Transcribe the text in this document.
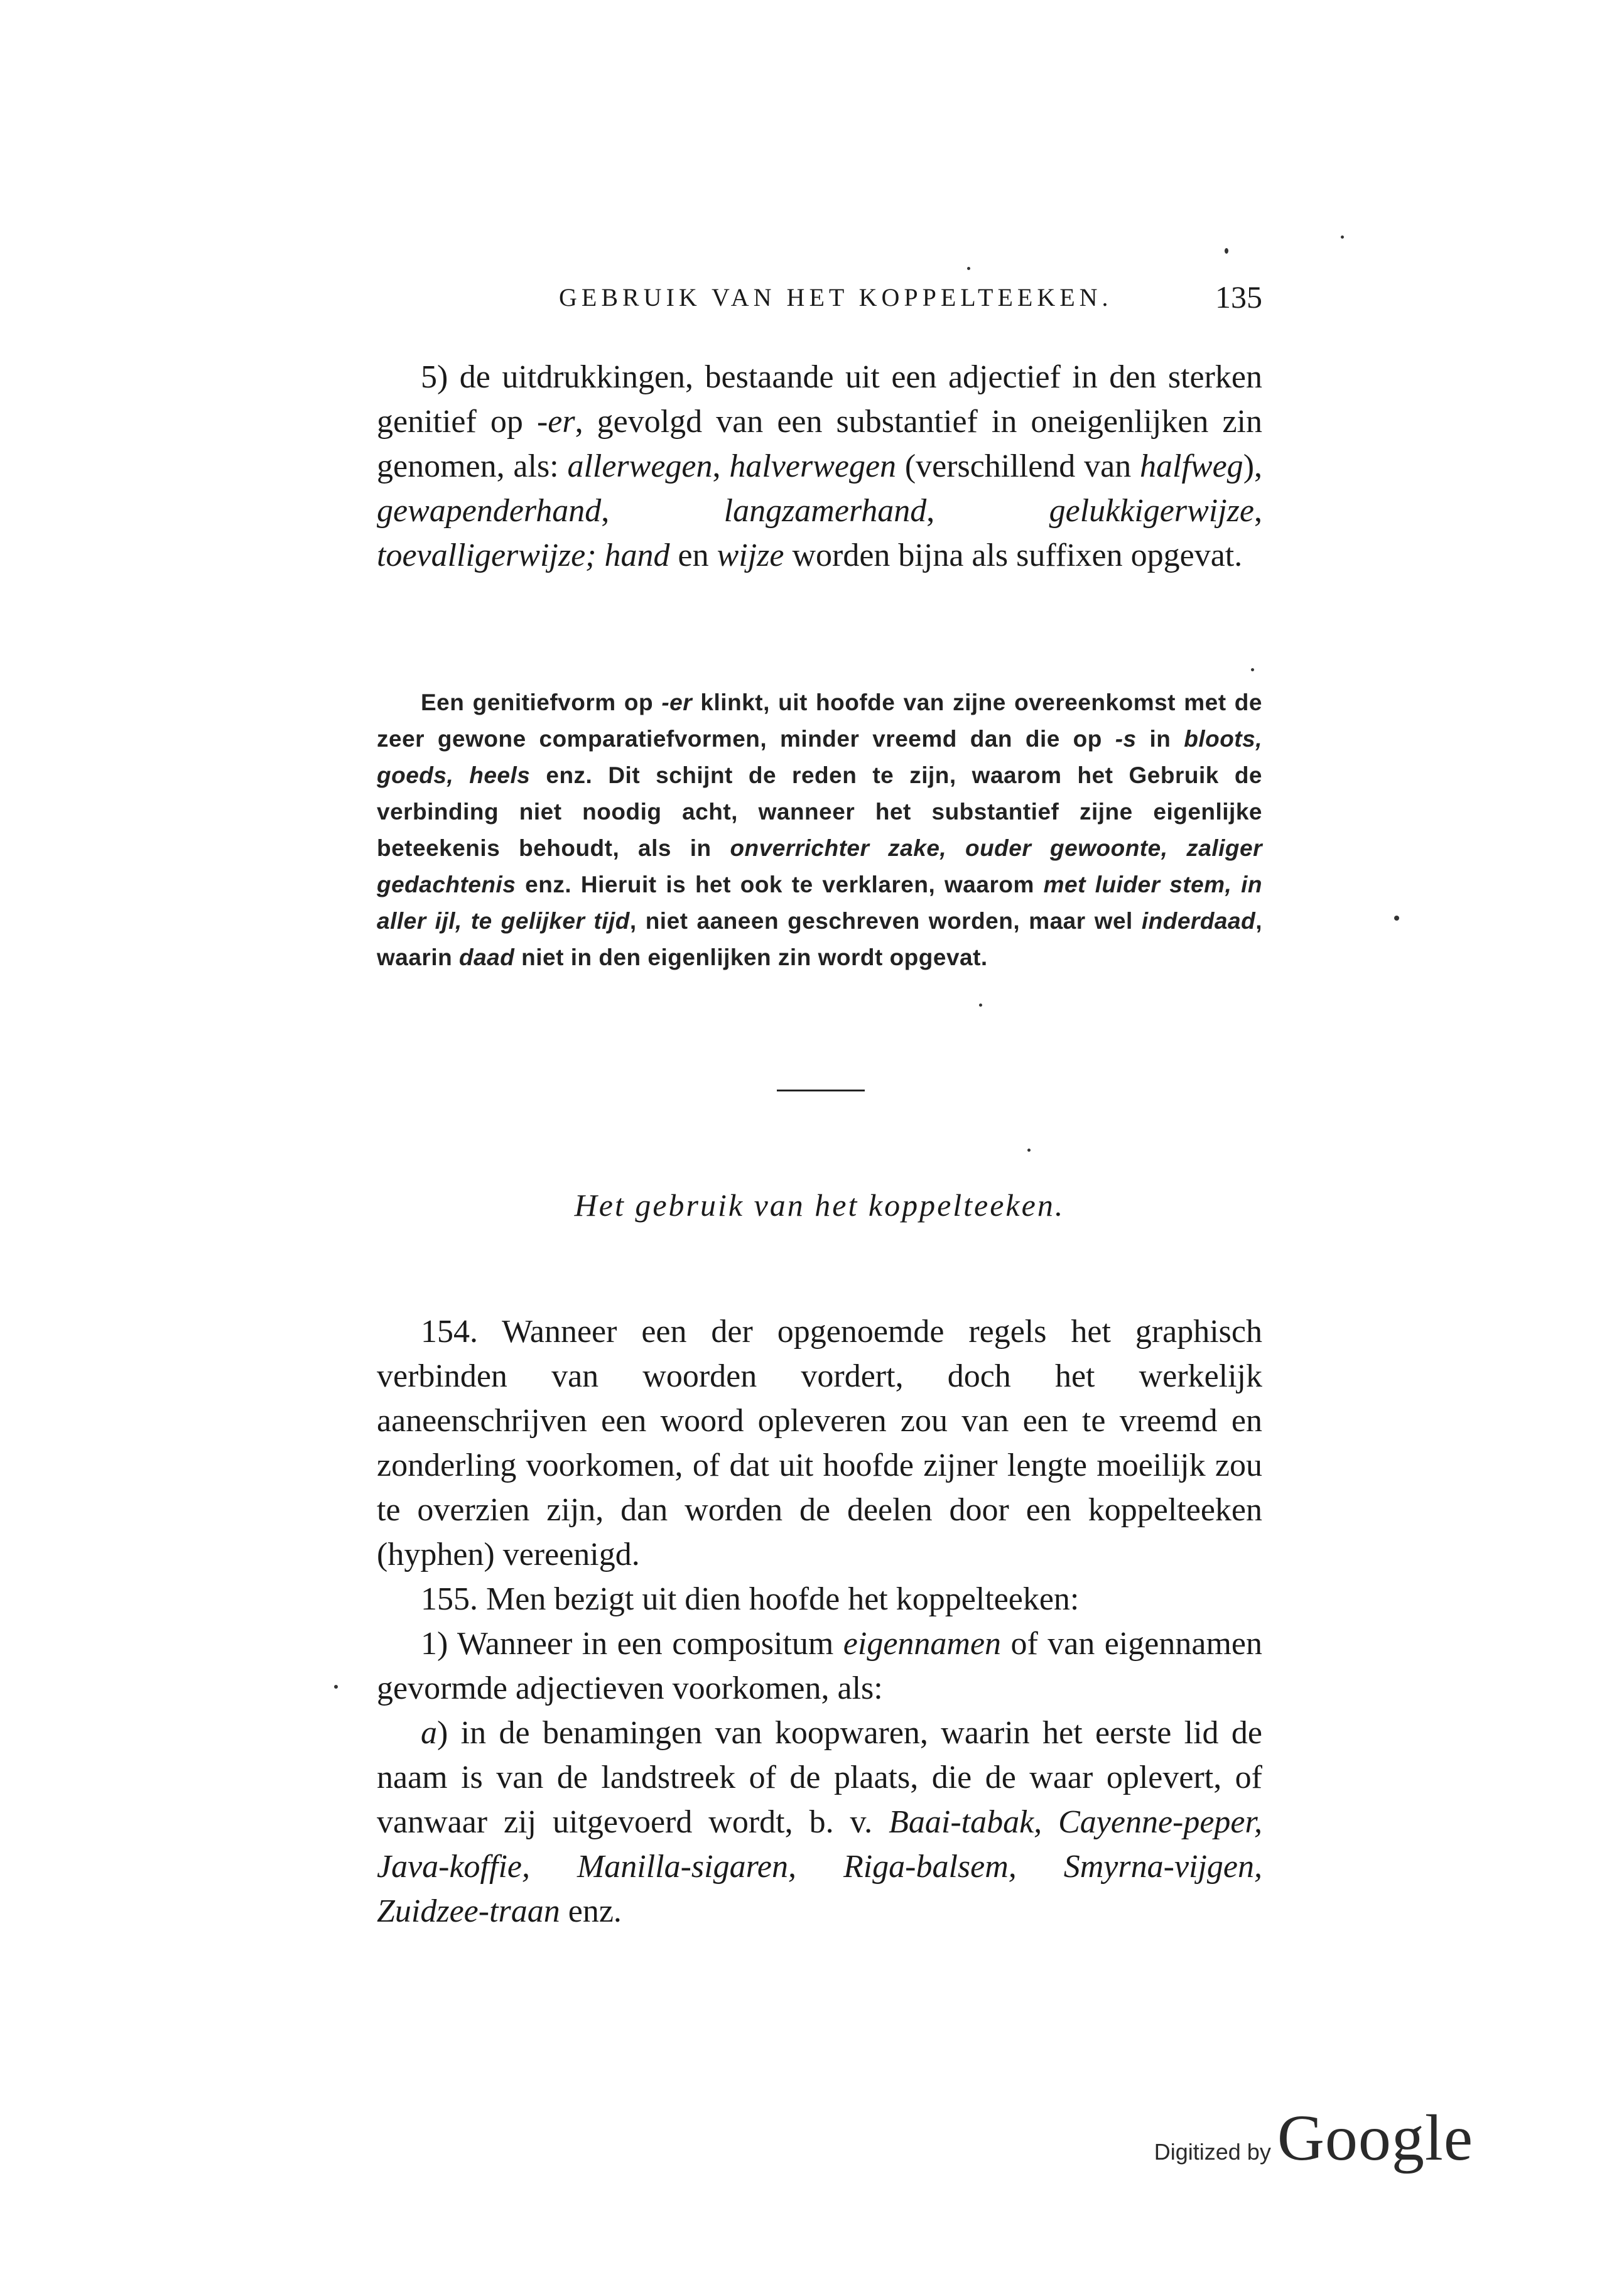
GEBRUIK VAN HET KOPPELTEEKEN.	135

5) de uitdrukkingen, bestaande uit een adjectief in den sterken genitief op -er, gevolgd van een substantief in oneigenlijken zin genomen, als: allerwegen, halverwegen (verschillend van halfweg), gewapenderhand, langzamerhand, gelukkigerwijze, toevalligerwijze; hand en wijze worden bijna als suffixen opgevat.

Een genitiefvorm op -er klinkt, uit hoofde van zijne overeenkomst met de zeer gewone comparatiefvormen, minder vreemd dan die op -s in bloots, goeds, heels enz. Dit schijnt de reden te zijn, waarom het Gebruik de verbinding niet noodig acht, wanneer het substantief zijne eigenlijke beteekenis behoudt, als in onverrichter zake, ouder gewoonte, zaliger gedachtenis enz. Hieruit is het ook te verklaren, waarom met luider stem, in aller ijl, te gelijker tijd, niet aaneen geschreven worden, maar wel inderdaad, waarin daad niet in den eigenlijken zin wordt opgevat.

Het gebruik van het koppelteeken.

154. Wanneer een der opgenoemde regels het graphisch verbinden van woorden vordert, doch het werkelijk aaneenschrijven een woord opleveren zou van een te vreemd en zonderling voorkomen, of dat uit hoofde zijner lengte moeilijk zou te overzien zijn, dan worden de deelen door een koppelteeken (hyphen) vereenigd.

155. Men bezigt uit dien hoofde het koppelteeken:

1) Wanneer in een compositum eigennamen of van eigennamen gevormde adjectieven voorkomen, als:

a) in de benamingen van koopwaren, waarin het eerste lid de naam is van de landstreek of de plaats, die de waar oplevert, of vanwaar zij uitgevoerd wordt, b. v. Baai-tabak, Cayenne-peper, Java-koffie, Manilla-sigaren, Riga-balsem, Smyrna-vijgen, Zuidzee-traan enz.

Digitized by Google
